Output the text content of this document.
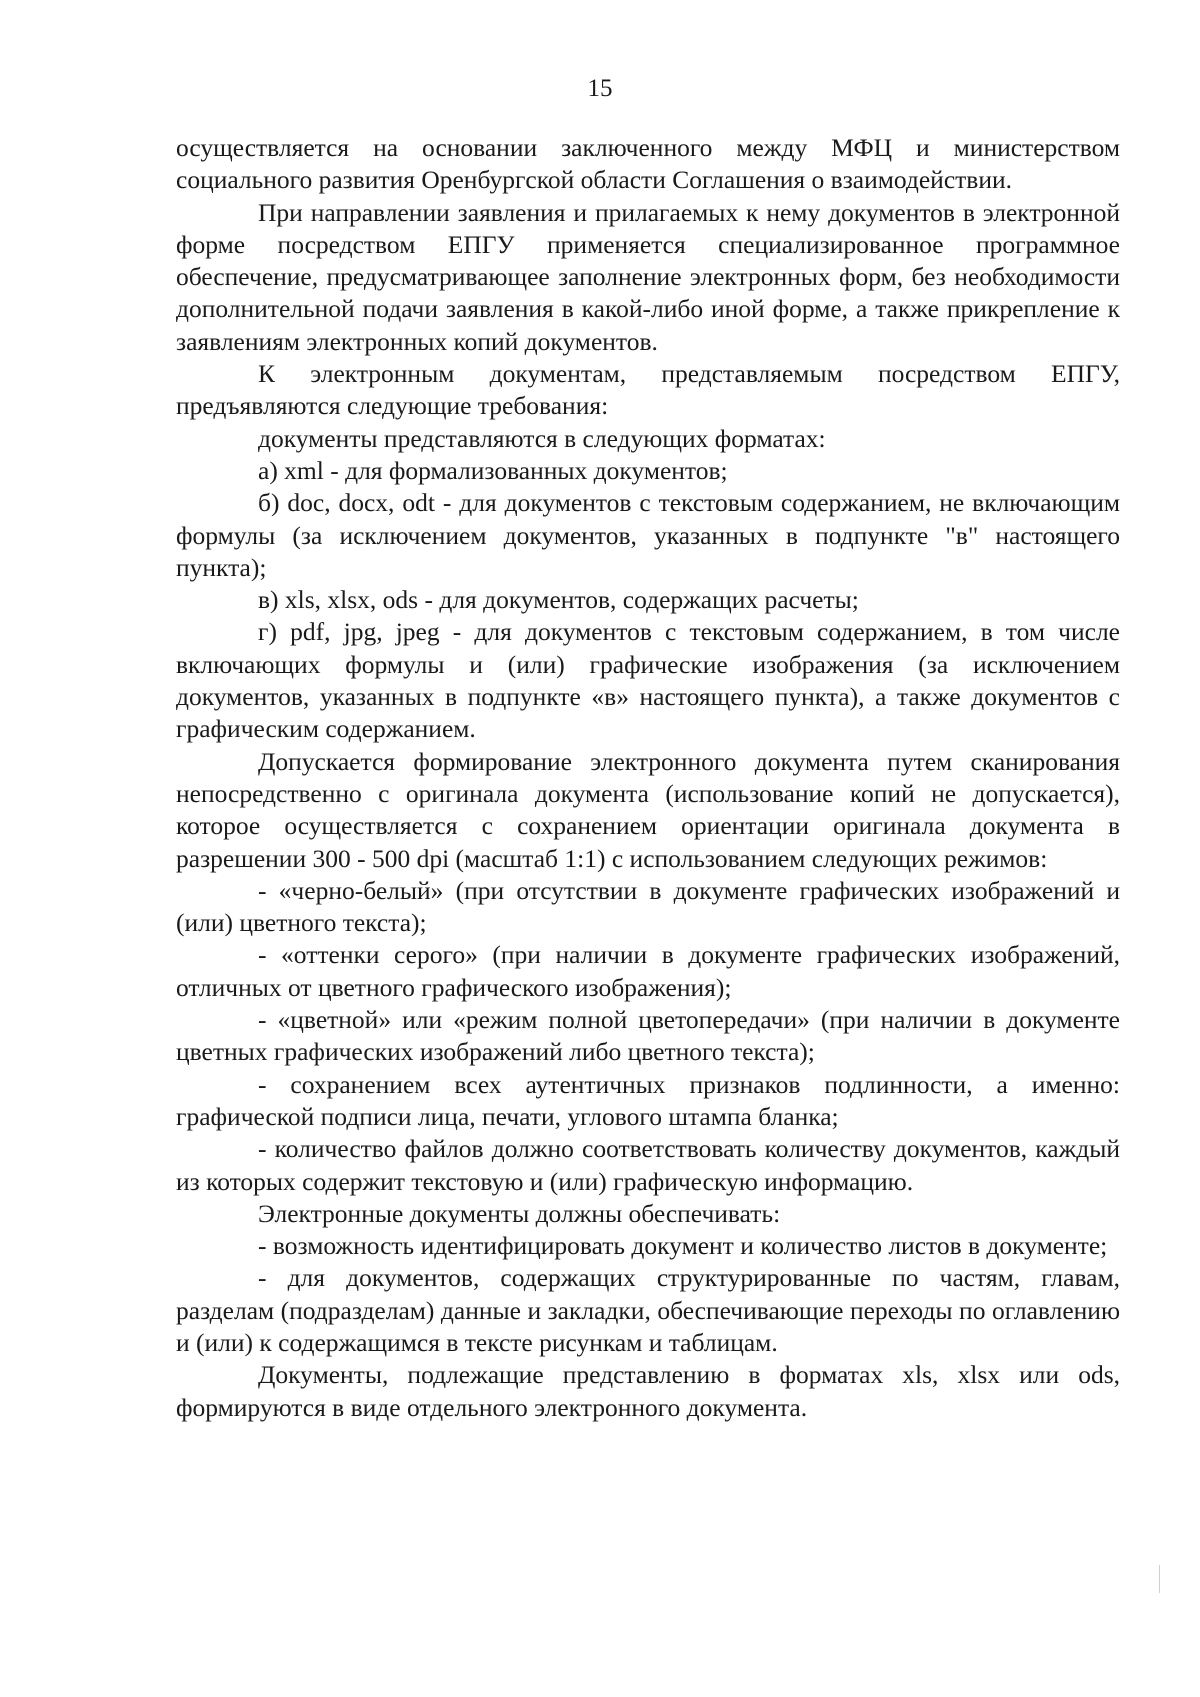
15

осуществляется на основании заключенного между МФЦ и министерством социального развития Оренбургской области Соглашения о взаимодействии.

При направлении заявления и прилагаемых к нему документов в электронной форме посредством ЕПГУ применяется специализированное программное обеспечение, предусматривающее заполнение электронных форм, без необходимости дополнительной подачи заявления в какой-либо иной форме, а также прикрепление к заявлениям электронных копий документов.

К электронным документам, представляемым посредством ЕПГУ, предъявляются следующие требования:

документы представляются в следующих форматах:

а) xml - для формализованных документов;

б) doc, docx, odt - для документов с текстовым содержанием, не включающим формулы (за исключением документов, указанных в подпункте "в" настоящего пункта);

в) xls, xlsx, ods - для документов, содержащих расчеты;

г) pdf, jpg, jpeg - для документов с текстовым содержанием, в том числе включающих формулы и (или) графические изображения (за исключением документов, указанных в подпункте «в» настоящего пункта), а также документов с графическим содержанием.

Допускается формирование электронного документа путем сканирования непосредственно с оригинала документа (использование копий не допускается), которое осуществляется с сохранением ориентации оригинала документа в разрешении 300 - 500 dpi (масштаб 1:1) с использованием следующих режимов:

- «черно-белый» (при отсутствии в документе графических изображений и (или) цветного текста);

- «оттенки серого» (при наличии в документе графических изображений, отличных от цветного графического изображения);

- «цветной» или «режим полной цветопередачи» (при наличии в документе цветных графических изображений либо цветного текста);

- сохранением всех аутентичных признаков подлинности, а именно: графической подписи лица, печати, углового штампа бланка;

- количество файлов должно соответствовать количеству документов, каждый из которых содержит текстовую и (или) графическую информацию.

Электронные документы должны обеспечивать:

- возможность идентифицировать документ и количество листов в документе;

- для документов, содержащих структурированные по частям, главам, разделам (подразделам) данные и закладки, обеспечивающие переходы по оглавлению и (или) к содержащимся в тексте рисункам и таблицам.

Документы, подлежащие представлению в форматах xls, xlsx или ods, формируются в виде отдельного электронного документа.
